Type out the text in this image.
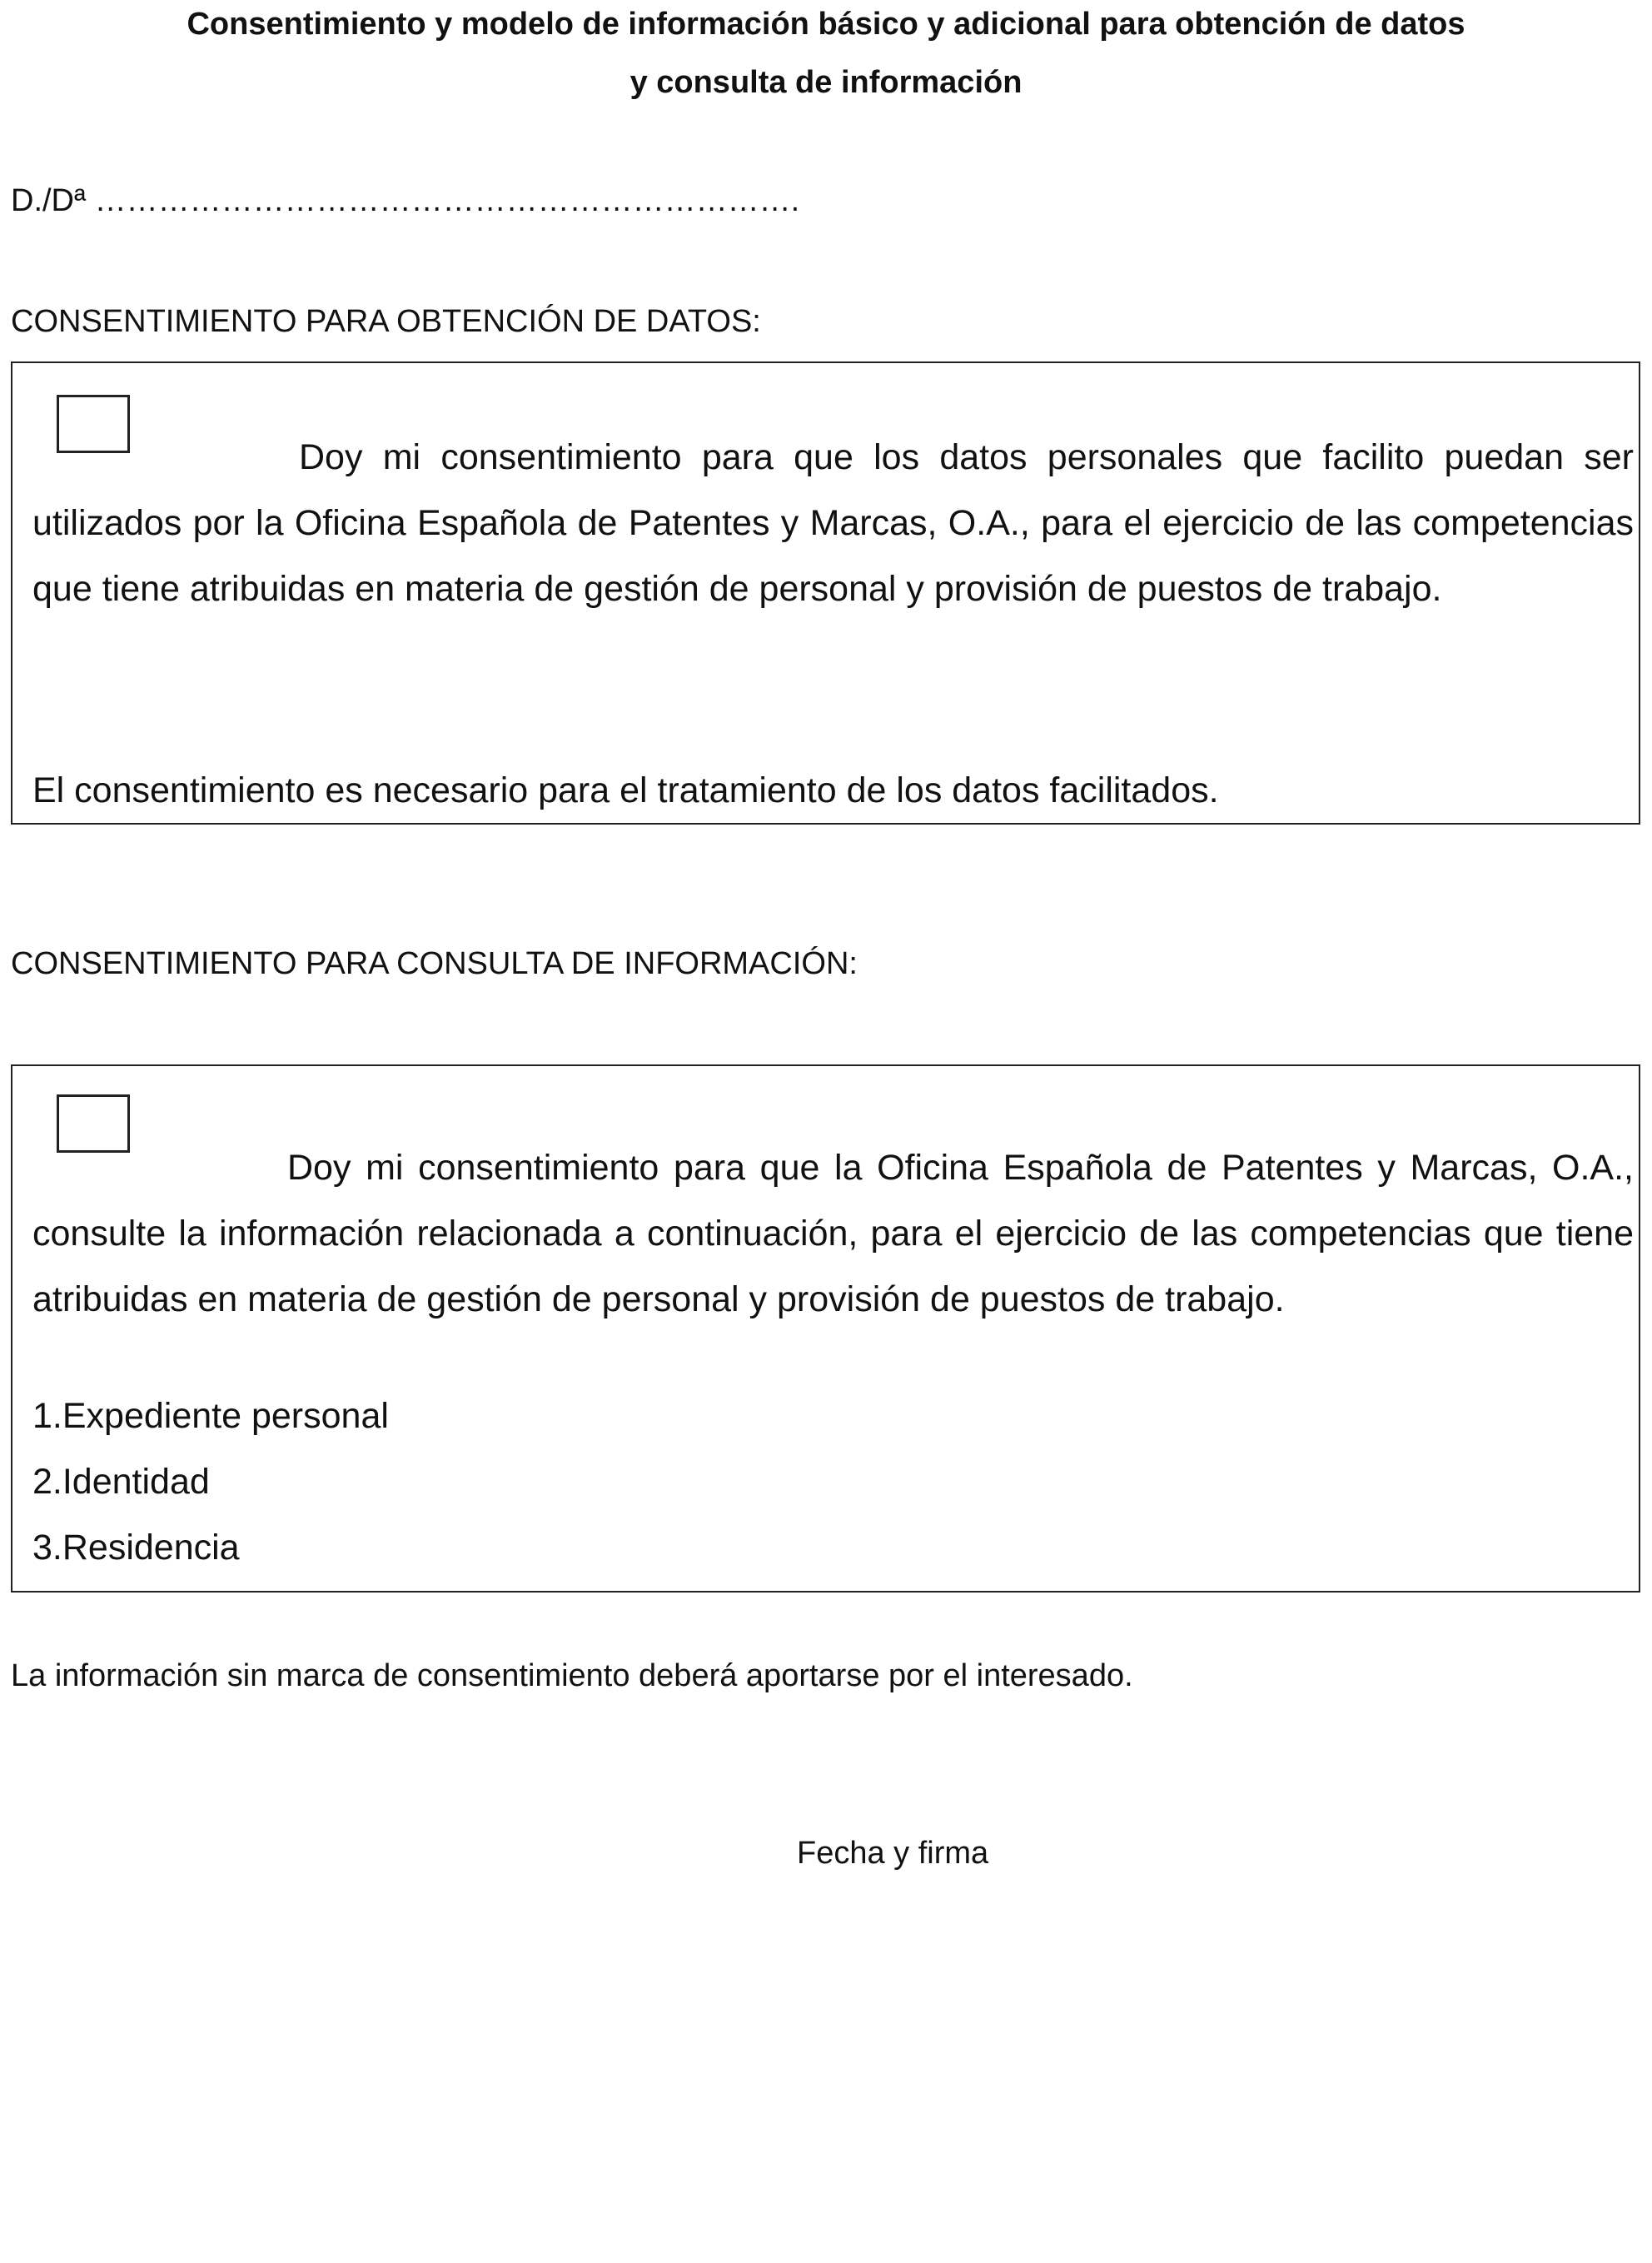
Consentimiento y modelo de información básico y adicional para obtención de datos
y consulta de información
D./Dª ………………………………………………………….
CONSENTIMIENTO PARA OBTENCIÓN DE DATOS:

Doy mi consentimiento para que los datos personales que facilito puedan ser utilizados por la Oficina Española de Patentes y Marcas, O.A., para el ejercicio de las competencias que tiene atribuidas en materia de gestión de personal y provisión de puestos de trabajo.

El consentimiento es necesario para el tratamiento de los datos facilitados.

CONSENTIMIENTO PARA CONSULTA DE INFORMACIÓN:

Doy mi consentimiento para que la Oficina Española de Patentes y Marcas, O.A., consulte la información relacionada a continuación, para el ejercicio de las competencias que tiene atribuidas en materia de gestión de personal y provisión de puestos de trabajo.

1.Expediente personal
2.Identidad
3.Residencia
La información sin marca de consentimiento deberá aportarse por el interesado.
Fecha y firma
